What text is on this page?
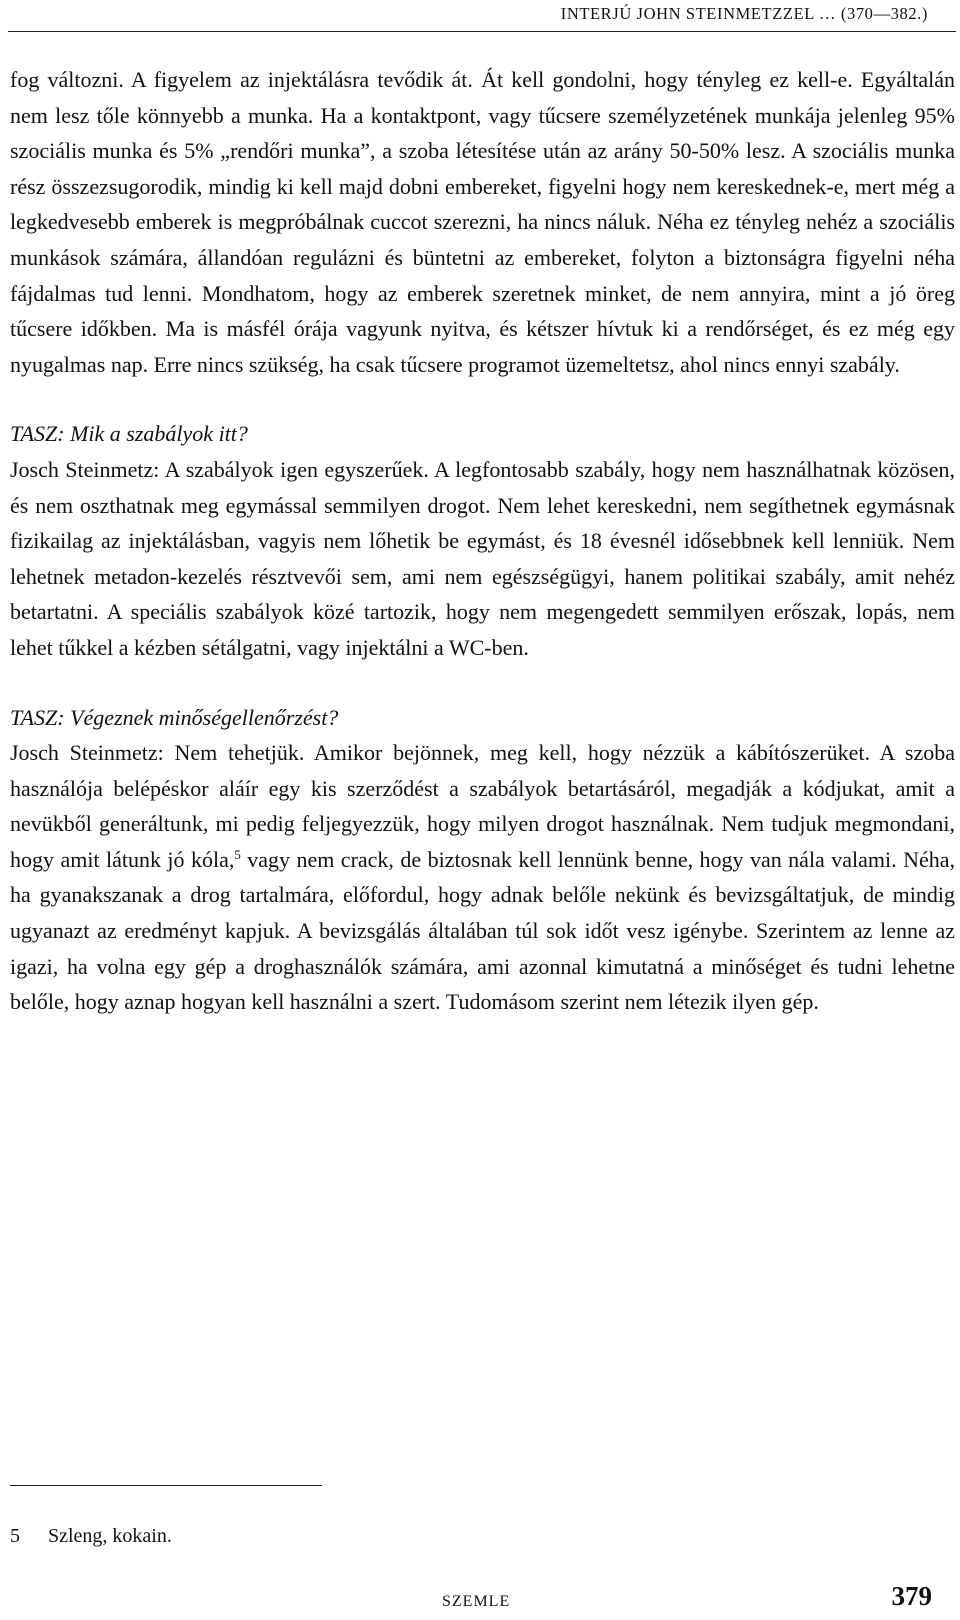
INTERJÚ JOHN STEINMETZZEL … (370—382.)

fog változni. A figyelem az injektálásra tevődik át. Át kell gondolni, hogy tényleg ez kell-e. Egyáltalán nem lesz tőle könnyebb a munka. Ha a kontaktpont, vagy tűcsere személyzetének munkája jelenleg 95% szociális munka és 5% „rendőri munka”, a szoba létesítése után az arány 50-50% lesz. A szociális munka rész összezsugorodik, mindig ki kell majd dobni embereket, figyelni hogy nem kereskednek-e, mert még a legkedvesebb emberek is megpróbálnak cuccot szerezni, ha nincs náluk. Néha ez tényleg nehéz a szociális munkások számára, állandóan regulázni és büntetni az embereket, folyton a biztonságra figyelni néha fájdalmas tud lenni. Mondhatom, hogy az emberek szeretnek minket, de nem annyira, mint a jó öreg tűcsere időkben. Ma is másfél órája vagyunk nyitva, és kétszer hívtuk ki a rendőrséget, és ez még egy nyugalmas nap. Erre nincs szükség, ha csak tűcsere programot üzemeltetsz, ahol nincs ennyi szabály.

TASZ: Mik a szabályok itt?

Josch Steinmetz: A szabályok igen egyszerűek. A legfontosabb szabály, hogy nem használhatnak közösen, és nem oszthatnak meg egymással semmilyen drogot. Nem lehet kereskedni, nem segíthetnek egymásnak fizikailag az injektálásban, vagyis nem lőhetik be egymást, és 18 évesnél idősebbnek kell lenniük. Nem lehetnek metadon-kezelés résztvevői sem, ami nem egészségügyi, hanem politikai szabály, amit nehéz betartatni. A speciális szabályok közé tartozik, hogy nem megengedett semmilyen erőszak, lopás, nem lehet tűkkel a kézben sétálgatni, vagy injektálni a WC-ben.

TASZ: Végeznek minőségellenőrzést?

Josch Steinmetz: Nem tehetjük. Amikor bejönnek, meg kell, hogy nézzük a kábítószerüket. A szoba használója belépéskor aláír egy kis szerződést a szabályok betartásáról, megadják a kódjukat, amit a nevükből generáltunk, mi pedig feljegyezzük, hogy milyen drogot használnak. Nem tudjuk megmondani, hogy amit látunk jó kóla,$^5$ vagy nem crack, de biztosnak kell lennünk benne, hogy van nála valami. Néha, ha gyanakszanak a drog tartalmára, előfordul, hogy adnak belőle nekünk és bevizsgáltatjuk, de mindig ugyanazt az eredményt kapjuk. A bevizsgálás általában túl sok időt vesz igénybe. Szerintem az lenne az igazi, ha volna egy gép a droghasználók számára, ami azonnal kimutatná a minőséget és tudni lehetne belőle, hogy aznap hogyan kell használni a szert. Tudomásom szerint nem létezik ilyen gép.

5 Szleng, kokain.
SZEMLE	379
